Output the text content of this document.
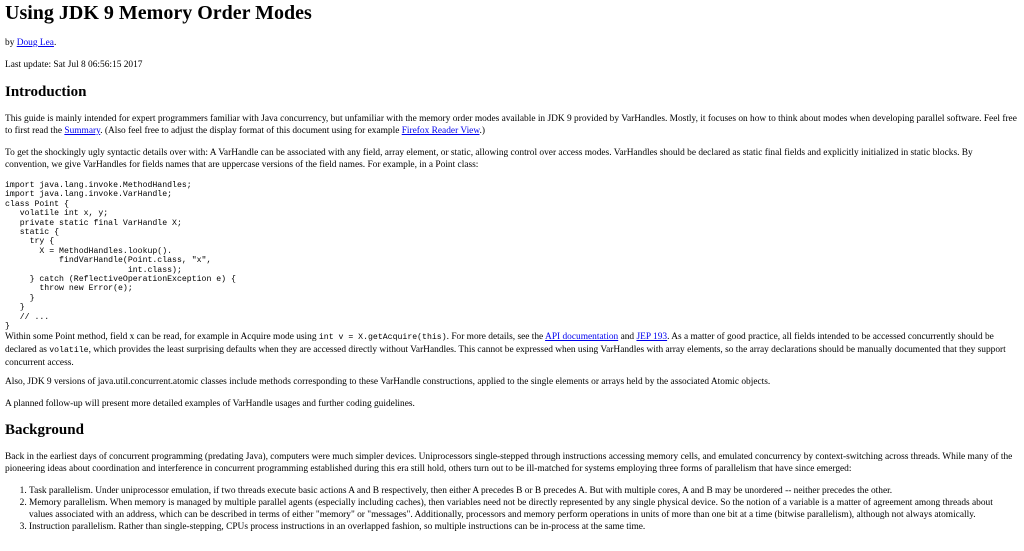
Using JDK 9 Memory Order Modes

by Doug Lea.

Last update: Sat Jul 8 06:56:15 2017

Introduction

This guide is mainly intended for expert programmers familiar with Java concurrency, but unfamiliar with the memory order modes available in JDK 9 provided by VarHandles. Mostly, it focuses on how to think about modes when developing parallel software. Feel free to first read the Summary. (Also feel free to adjust the display format of this document using for example Firefox Reader View.)

To get the shockingly ugly syntactic details over with: A VarHandle can be associated with any field, array element, or static, allowing control over access modes. VarHandles should be declared as static final fields and explicitly initialized in static blocks. By convention, we give VarHandles for fields names that are uppercase versions of the field names. For example, in a Point class:

import java.lang.invoke.MethodHandles;
import java.lang.invoke.VarHandle;
class Point {
volatile int x, y;
private static final VarHandle X;
static {
try {
X = MethodHandles.lookup().
findVarHandle(Point.class, "x",
int.class);
} catch (ReflectiveOperationException e) {
throw new Error(e);
}
}
// ...
}

Within some Point method, field x can be read, for example in Acquire mode using int v = X.getAcquire(this). For more details, see the API documentation and JEP 193. As a matter of good practice, all fields intended to be accessed concurrently should be declared as volatile, which provides the least surprising defaults when they are accessed directly without VarHandles. This cannot be expressed when using VarHandles with array elements, so the array declarations should be manually documented that they support concurrent access.

Also, JDK 9 versions of java.util.concurrent.atomic classes include methods corresponding to these VarHandle constructions, applied to the single elements or arrays held by the associated Atomic objects.

A planned follow-up will present more detailed examples of VarHandle usages and further coding guidelines.

Background

Back in the earliest days of concurrent programming (predating Java), computers were much simpler devices. Uniprocessors single-stepped through instructions accessing memory cells, and emulated concurrency by context-switching across threads. While many of the pioneering ideas about coordination and interference in concurrent programming established during this era still hold, others turn out to be ill-matched for systems employing three forms of parallelism that have since emerged:

1. Task parallelism. Under uniprocessor emulation, if two threads execute basic actions A and B respectively, then either A precedes B or B precedes A. But with multiple cores, A and B may be unordered -- neither precedes the other.
2. Memory parallelism. When memory is managed by multiple parallel agents (especially including caches), then variables need not be directly represented by any single physical device. So the notion of a variable is a matter of agreement among threads about values associated with an address, which can be described in terms of either "memory" or "messages". Additionally, processors and memory perform operations in units of more than one bit at a time (bitwise parallelism), although not always atomically.
3. Instruction parallelism. Rather than single-stepping, CPUs process instructions in an overlapped fashion, so multiple instructions can be in-process at the same time.
